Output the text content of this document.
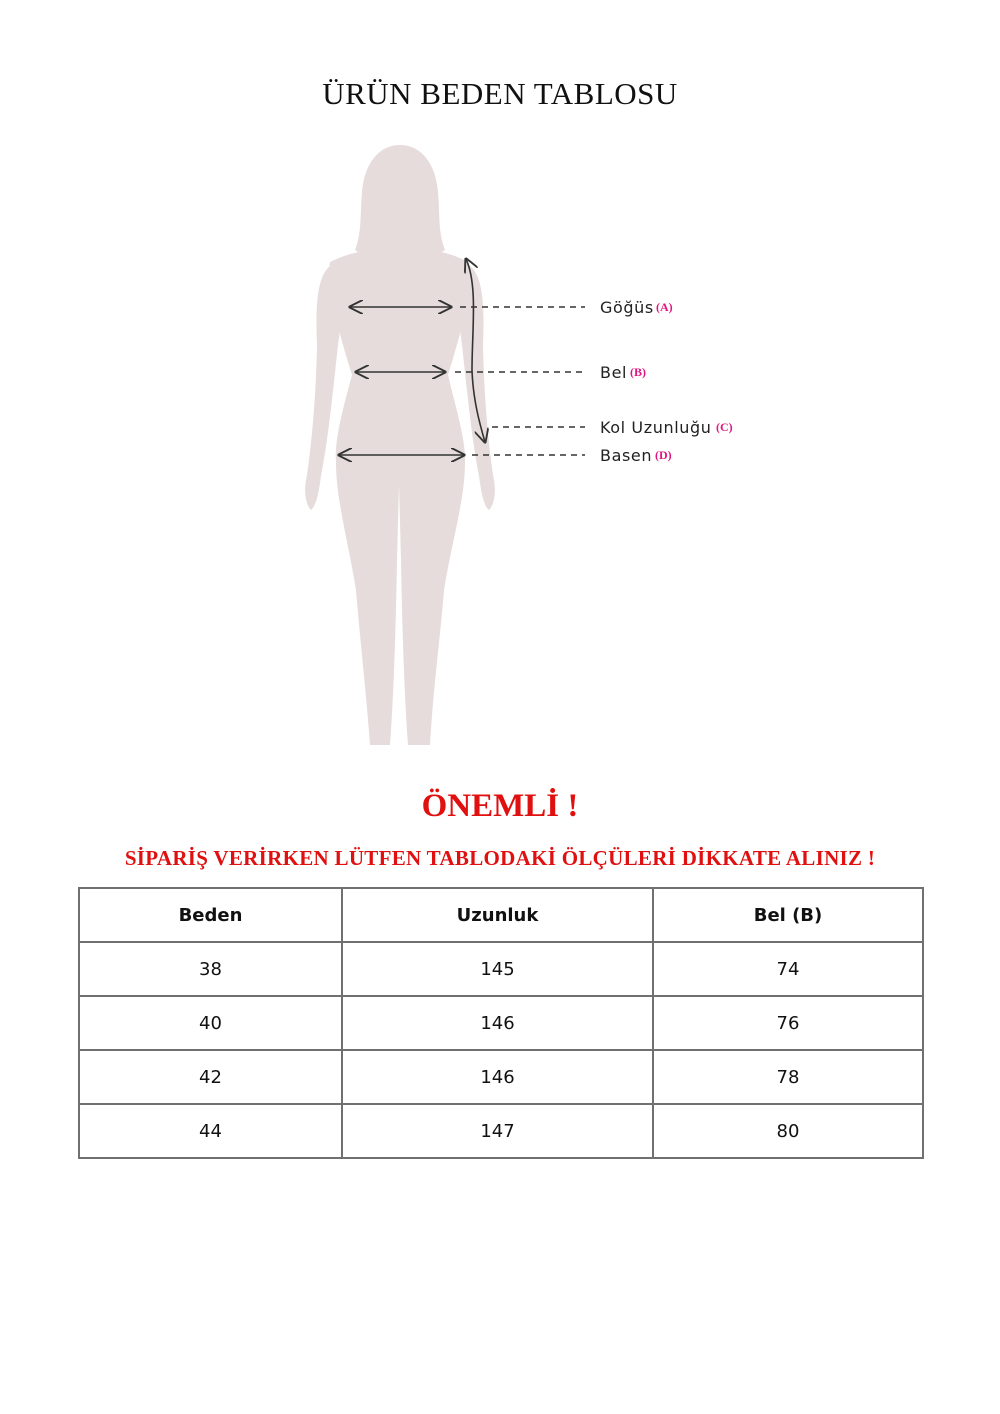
ÜRÜN BEDEN TABLOSU
Göğüs (A)
Bel (B)
Kol Uzunluğu (C)
Basen (D)
ÖNEMLİ !
SİPARİŞ VERİRKEN LÜTFEN TABLODAKİ ÖLÇÜLERİ DİKKATE ALINIZ !
Beden	Uzunluk	Bel (B)
38	145	74
40	146	76
42	146	78
44	147	80
